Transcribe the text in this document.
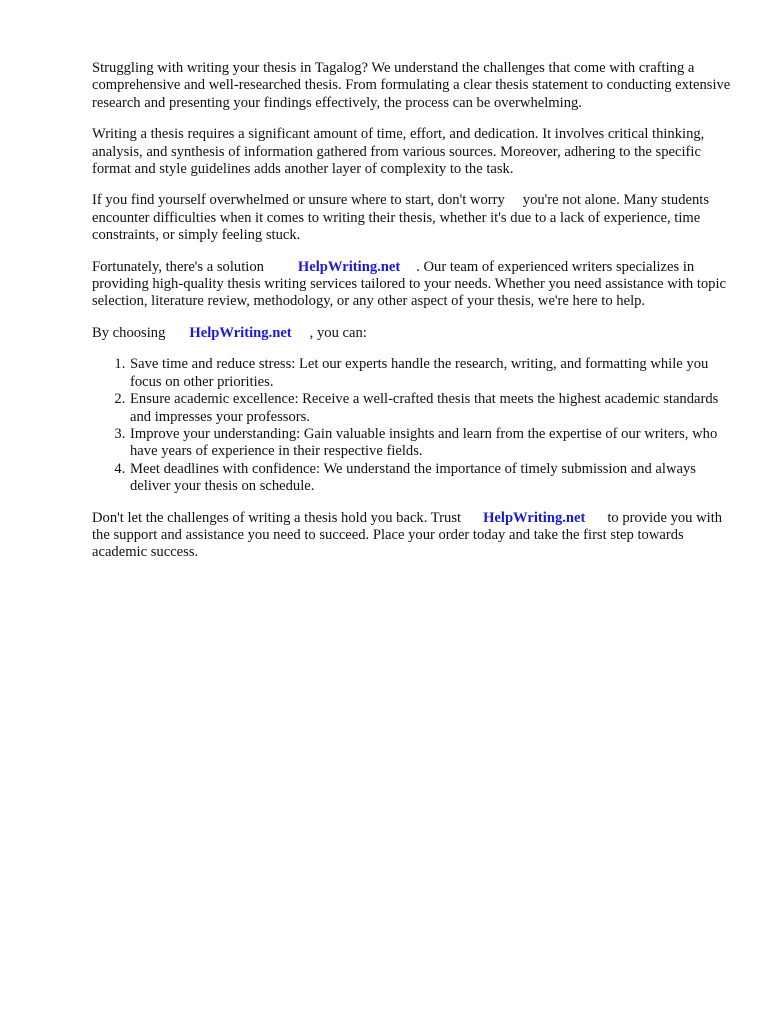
Struggling with writing your thesis in Tagalog? We understand the challenges that come with crafting a comprehensive and well-researched thesis. From formulating a clear thesis statement to conducting extensive research and presenting your findings effectively, the process can be overwhelming.

Writing a thesis requires a significant amount of time, effort, and dedication. It involves critical thinking, analysis, and synthesis of information gathered from various sources. Moreover, adhering to the specific format and style guidelines adds another layer of complexity to the task.

If you find yourself overwhelmed or unsure where to start, don't worry you're not alone. Many students encounter difficulties when it comes to writing their thesis, whether it's due to a lack of experience, time constraints, or simply feeling stuck.

Fortunately, there's a solution HelpWriting.net . Our team of experienced writers specializes in providing high-quality thesis writing services tailored to your needs. Whether you need assistance with topic selection, literature review, methodology, or any other aspect of your thesis, we're here to help.

By choosing HelpWriting.net , you can:

1. Save time and reduce stress: Let our experts handle the research, writing, and formatting while you focus on other priorities.
2. Ensure academic excellence: Receive a well-crafted thesis that meets the highest academic standards and impresses your professors.
3. Improve your understanding: Gain valuable insights and learn from the expertise of our writers, who have years of experience in their respective fields.
4. Meet deadlines with confidence: We understand the importance of timely submission and always deliver your thesis on schedule.

Don't let the challenges of writing a thesis hold you back. Trust HelpWriting.net to provide you with the support and assistance you need to succeed. Place your order today and take the first step towards academic success.
